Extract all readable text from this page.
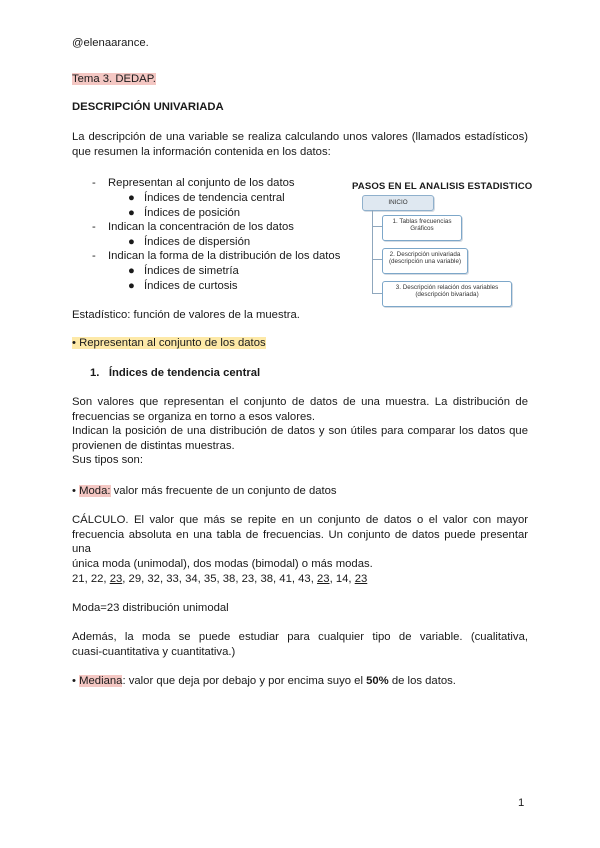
@elenaarance.
Tema 3. DEDAP.
DESCRIPCIÓN UNIVARIADA
La descripción de una variable se realiza calculando unos valores (llamados estadísticos)
que resumen la información contenida en los datos:
- Representan al conjunto de los datos
● Índices de tendencia central
● Índices de posición
- Indican la concentración de los datos
● Índices de dispersión
- Indican la forma de la distribución de los datos
● Índices de simetría
● Índices de curtosis
PASOS EN EL ANALISIS ESTADISTICO
INICIO
1. Tablas frecuencias
Gráficos
2. Descripción univariada
(descripción una variable)
3. Descripción relación dos variables
(descripción bivariada)
Estadístico: función de valores de la muestra.
• Representan al conjunto de los datos
1. Índices de tendencia central
Son valores que representan el conjunto de datos de una muestra. La distribución de
frecuencias se organiza en torno a esos valores.
Indican la posición de una distribución de datos y son útiles para comparar los datos que
provienen de distintas muestras.
Sus tipos son:
• Moda: valor más frecuente de un conjunto de datos
CÁLCULO. El valor que más se repite en un conjunto de datos o el valor con mayor
frecuencia absoluta en una tabla de frecuencias. Un conjunto de datos puede presentar una
única moda (unimodal), dos modas (bimodal) o más modas.
21, 22, 23, 29, 32, 33, 34, 35, 38, 23, 38, 41, 43, 23, 14, 23
Moda=23 distribución unimodal
Además, la moda se puede estudiar para cualquier tipo de variable. (cualitativa,
cuasi-cuantitativa y cuantitativa.)
• Mediana: valor que deja por debajo y por encima suyo el 50% de los datos.
1
